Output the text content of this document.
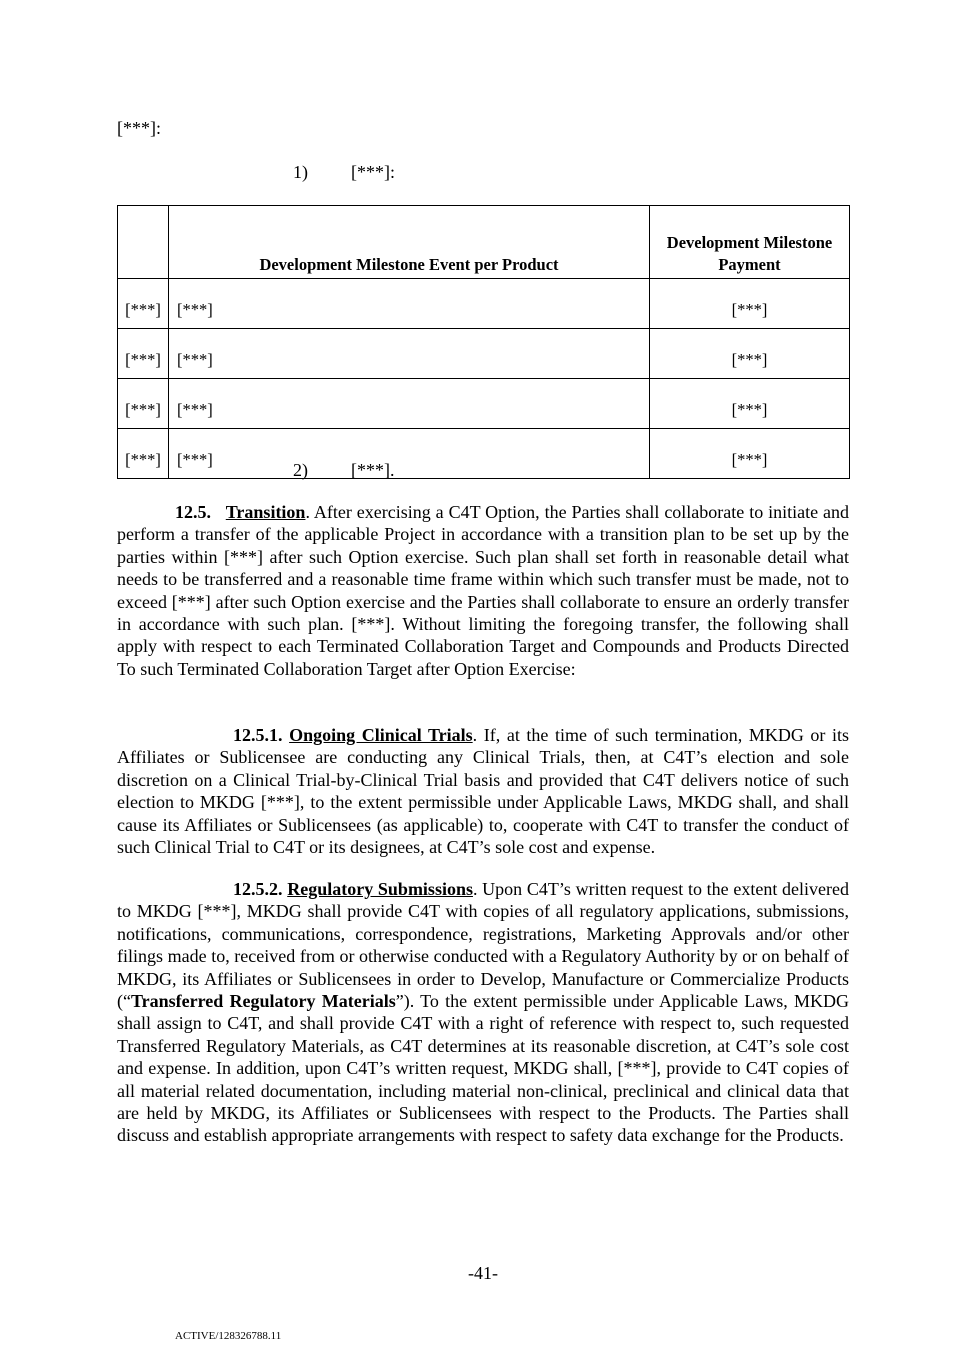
[***]:
1) [***]:
	Development Milestone Event per Product	Development Milestone Payment
[***]	[***]	[***]
[***]	[***]	[***]
[***]	[***]	[***]
[***]	[***]	[***]
2) [***].
12.5. Transition. After exercising a C4T Option, the Parties shall collaborate to initiate and perform a transfer of the applicable Project in accordance with a transition plan to be set up by the parties within [***] after such Option exercise. Such plan shall set forth in reasonable detail what needs to be transferred and a reasonable time frame within which such transfer must be made, not to exceed [***] after such Option exercise and the Parties shall collaborate to ensure an orderly transfer in accordance with such plan. [***]. Without limiting the foregoing transfer, the following shall apply with respect to each Terminated Collaboration Target and Compounds and Products Directed To such Terminated Collaboration Target after Option Exercise:
12.5.1. Ongoing Clinical Trials. If, at the time of such termination, MKDG or its Affiliates or Sublicensee are conducting any Clinical Trials, then, at C4T’s election and sole discretion on a Clinical Trial-by-Clinical Trial basis and provided that C4T delivers notice of such election to MKDG [***], to the extent permissible under Applicable Laws, MKDG shall, and shall cause its Affiliates or Sublicensees (as applicable) to, cooperate with C4T to transfer the conduct of such Clinical Trial to C4T or its designees, at C4T’s sole cost and expense.
12.5.2. Regulatory Submissions. Upon C4T’s written request to the extent delivered to MKDG [***], MKDG shall provide C4T with copies of all regulatory applications, submissions, notifications, communications, correspondence, registrations, Marketing Approvals and/or other filings made to, received from or otherwise conducted with a Regulatory Authority by or on behalf of MKDG, its Affiliates or Sublicensees in order to Develop, Manufacture or Commercialize Products (“Transferred Regulatory Materials”). To the extent permissible under Applicable Laws, MKDG shall assign to C4T, and shall provide C4T with a right of reference with respect to, such requested Transferred Regulatory Materials, as C4T determines at its reasonable discretion, at C4T’s sole cost and expense. In addition, upon C4T’s written request, MKDG shall, [***], provide to C4T copies of all material related documentation, including material non-clinical, preclinical and clinical data that are held by MKDG, its Affiliates or Sublicensees with respect to the Products. The Parties shall discuss and establish appropriate arrangements with respect to safety data exchange for the Products.
-41-
ACTIVE/128326788.11
